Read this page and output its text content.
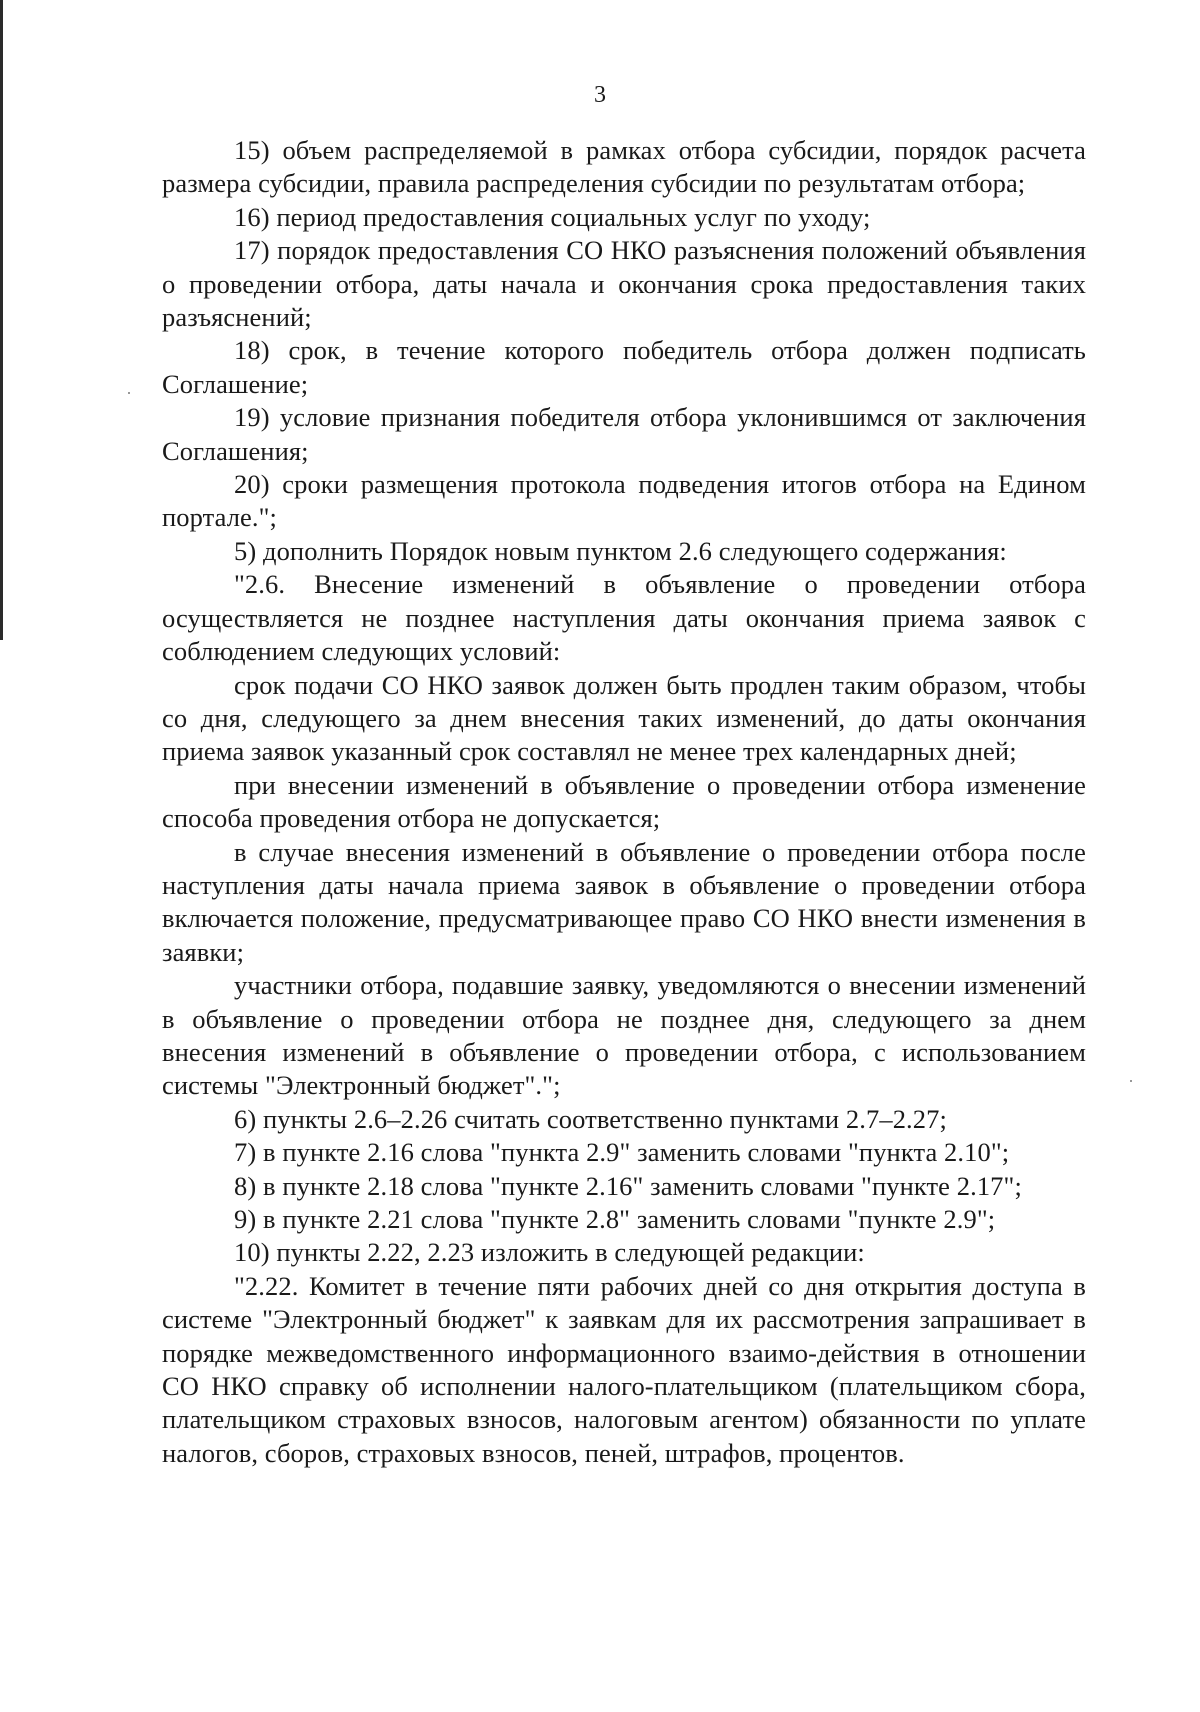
3

15) объем распределяемой в рамках отбора субсидии, порядок расчета размера субсидии, правила распределения субсидии по результатам отбора;

16) период предоставления социальных услуг по уходу;

17) порядок предоставления СО НКО разъяснения положений объявления о проведении отбора, даты начала и окончания срока предоставления таких разъяснений;

18) срок, в течение которого победитель отбора должен подписать Соглашение;

19) условие признания победителя отбора уклонившимся от заключения Соглашения;

20) сроки размещения протокола подведения итогов отбора на Едином портале.";

5) дополнить Порядок новым пунктом 2.6 следующего содержания:

"2.6. Внесение изменений в объявление о проведении отбора осуществляется не позднее наступления даты окончания приема заявок с соблюдением следующих условий:

срок подачи СО НКО заявок должен быть продлен таким образом, чтобы со дня, следующего за днем внесения таких изменений, до даты окончания приема заявок указанный срок составлял не менее трех календарных дней;

при внесении изменений в объявление о проведении отбора изменение способа проведения отбора не допускается;

в случае внесения изменений в объявление о проведении отбора после наступления даты начала приема заявок в объявление о проведении отбора включается положение, предусматривающее право СО НКО внести изменения в заявки;

участники отбора, подавшие заявку, уведомляются о внесении изменений в объявление о проведении отбора не позднее дня, следующего за днем внесения изменений в объявление о проведении отбора, с использованием системы "Электронный бюджет".";

6) пункты 2.6–2.26 считать соответственно пунктами 2.7–2.27;

7) в пункте 2.16 слова "пункта 2.9" заменить словами "пункта 2.10";

8) в пункте 2.18 слова "пункте 2.16" заменить словами "пункте 2.17";

9) в пункте 2.21 слова "пункте 2.8" заменить словами "пункте 2.9";

10) пункты 2.22, 2.23 изложить в следующей редакции:

"2.22. Комитет в течение пяти рабочих дней со дня открытия доступа в системе "Электронный бюджет" к заявкам для их рассмотрения запрашивает в порядке межведомственного информационного взаимо-действия в отношении СО НКО справку об исполнении налого-плательщиком (плательщиком сбора, плательщиком страховых взносов, налоговым агентом) обязанности по уплате налогов, сборов, страховых взносов, пеней, штрафов, процентов.
